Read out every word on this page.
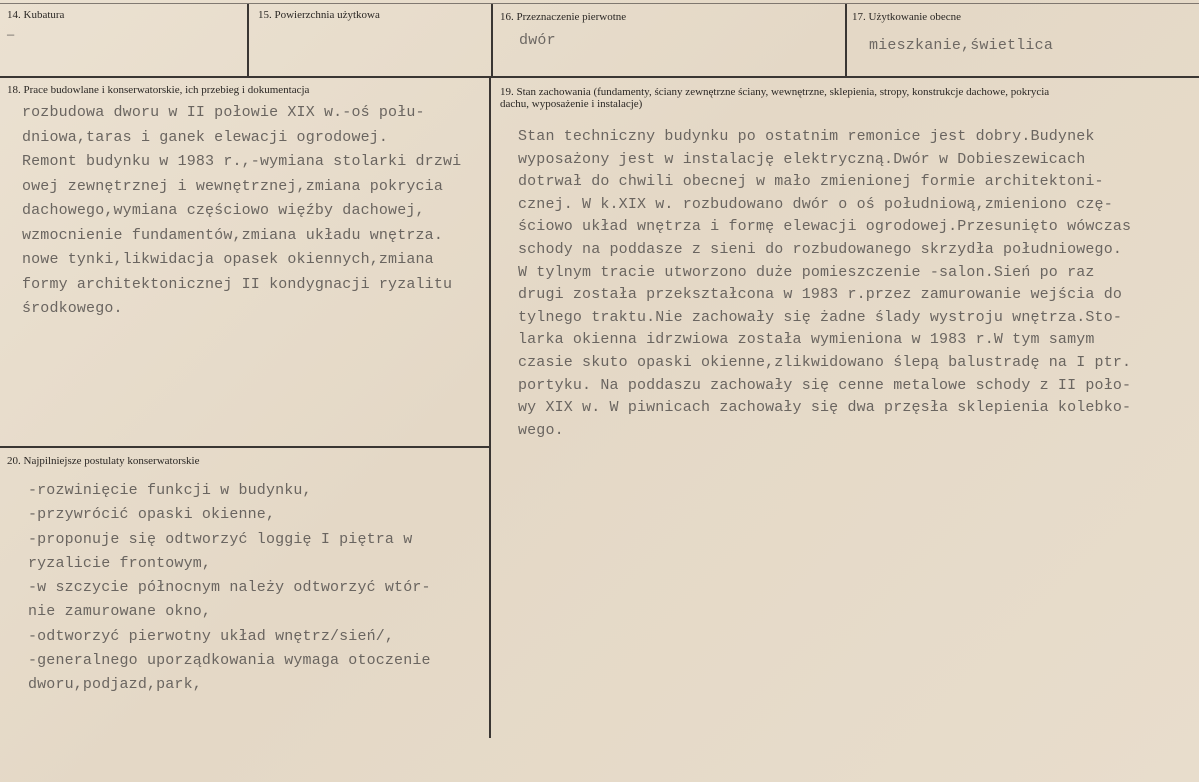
14. Kubatura
—
15. Powierzchnia użytkowa	16. Przeznaczenie pierwotne
dwór
17. Użytkowanie obecne
mieszkanie,świetlica
18. Prace budowlane i konserwatorskie, ich przebieg i dokumentacja
rozbudowa dworu w II połowie XIX w.-oś połu-
dniowa,taras i ganek elewacji ogrodowej.
Remont budynku w 1983 r.,-wymiana stolarki drzwi
owej zewnętrznej i wewnętrznej,zmiana pokrycia
dachowego,wymiana częściowo więźby dachowej,
wzmocnienie fundamentów,zmiana układu wnętrza.
nowe tynki,likwidacja opasek okiennych,zmiana
formy architektonicznej II kondygnacji ryzalitu
środkowego.
19. Stan zachowania (fundamenty, ściany zewnętrzne ściany, wewnętrzne, sklepienia, stropy, konstrukcje dachowe, pokrycia dachu, wyposażenie i instalacje)
Stan techniczny budynku po ostatnim remonice jest dobry.Budynek
wyposażony jest w instalację elektryczną.Dwór w Dobieszewicach
dotrwał do chwili obecnej w mało zmienionej formie architektoni-
cznej. W k.XIX w. rozbudowano dwór o oś południową,zmieniono czę-
ściowo układ wnętrza i formę elewacji ogrodowej.Przesunięto wówczas
schody na poddasze z sieni do rozbudowanego skrzydła południowego.
W tylnym tracie utworzono duże pomieszczenie -salon.Sień po raz
drugi została przekształcona w 1983 r.przez zamurowanie wejścia do
tylnego traktu.Nie zachowały się żadne ślady wystroju wnętrza.Sto-
larka okienna idrzwiowa została wymieniona w 1983 r.W tym samym
czasie skuto opaski okienne,zlikwidowano ślepą balustradę na I ptr.
portyku. Na poddaszu zachowały się cenne metalowe schody z II poło-
wy XIX w. W piwnicach zachowały się dwa przęsła sklepienia kolebko-
wego.
20. Najpilniejsze postulaty konserwatorskie
-rozwinięcie funkcji w budynku,
-przywrócić opaski okienne,
-proponuje się odtworzyć loggię I piętra w
ryzalicie frontowym,
-w szczycie północnym należy odtworzyć wtór-
nie zamurowane okno,
-odtworzyć pierwotny układ wnętrz/sień/,
-generalnego uporządkowania wymaga otoczenie
dworu,podjazd,park,
